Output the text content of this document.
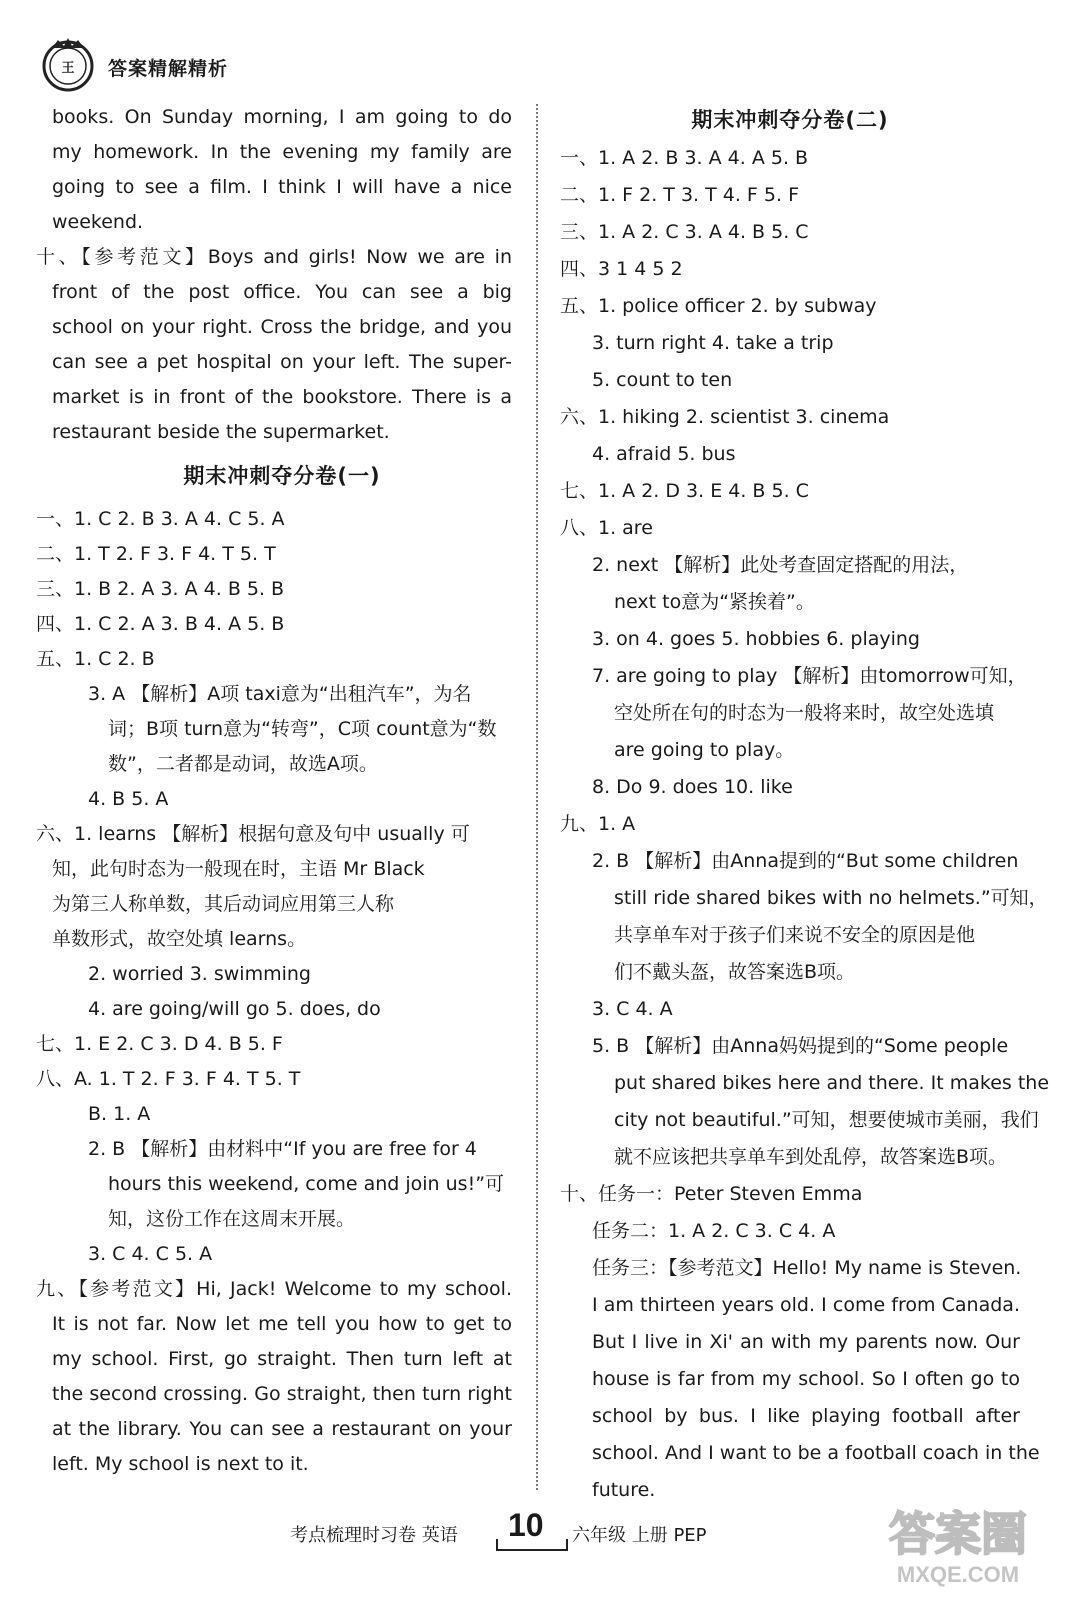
王 答案精解精析
books. On Sunday morning, I am going to do
my homework. In the evening my family are
going to see a film. I think I will have a nice
weekend.
十、【参考范文】Boys and girls! Now we are in
front of the post office. You can see a big
school on your right. Cross the bridge, and you
can see a pet hospital on your left. The super-
market is in front of the bookstore. There is a
restaurant beside the supermarket.
期末冲刺夺分卷(一)
一、1. C 2. B 3. A 4. C 5. A
二、1. T 2. F 3. F 4. T 5. T
三、1. B 2. A 3. A 4. B 5. B
四、1. C 2. A 3. B 4. A 5. B
五、1. C 2. B
3. A 【解析】A项 taxi意为“出租汽车”，为名
词；B项 turn意为“转弯”，C项 count意为“数
数”，二者都是动词，故选A项。
4. B 5. A
六、1. learns 【解析】根据句意及句中 usually 可
知，此句时态为一般现在时，主语 Mr Black
为第三人称单数，其后动词应用第三人称
单数形式，故空处填 learns。
2. worried 3. swimming
4. are going/will go 5. does, do
七、1. E 2. C 3. D 4. B 5. F
八、A. 1. T 2. F 3. F 4. T 5. T
B. 1. A
2. B 【解析】由材料中“If you are free for 4
hours this weekend, come and join us!”可
知，这份工作在这周末开展。
3. C 4. C 5. A
九、【参考范文】Hi, Jack! Welcome to my school.
It is not far. Now let me tell you how to get to
my school. First, go straight. Then turn left at
the second crossing. Go straight, then turn right
at the library. You can see a restaurant on your
left. My school is next to it.
期末冲刺夺分卷(二)
一、1. A 2. B 3. A 4. A 5. B
二、1. F 2. T 3. T 4. F 5. F
三、1. A 2. C 3. A 4. B 5. C
四、3 1 4 5 2
五、1. police officer 2. by subway
3. turn right 4. take a trip
5. count to ten
六、1. hiking 2. scientist 3. cinema
4. afraid 5. bus
七、1. A 2. D 3. E 4. B 5. C
八、1. are
2. next 【解析】此处考查固定搭配的用法，
next to意为“紧挨着”。
3. on 4. goes 5. hobbies 6. playing
7. are going to play 【解析】由tomorrow可知，
空处所在句的时态为一般将来时，故空处选填
are going to play。
8. Do 9. does 10. like
九、1. A
2. B 【解析】由Anna提到的“But some children
still ride shared bikes with no helmets.”可知，
共享单车对于孩子们来说不安全的原因是他
们不戴头盔，故答案选B项。
3. C 4. A
5. B 【解析】由Anna妈妈提到的“Some people
put shared bikes here and there. It makes the
city not beautiful.”可知，想要使城市美丽，我们
就不应该把共享单车到处乱停，故答案选B项。
十、任务一：Peter Steven Emma
任务二：1. A 2. C 3. C 4. A
任务三：【参考范文】Hello! My name is Steven.
I am thirteen years old. I come from Canada.
But I live in Xi' an with my parents now. Our
house is far from my school. So I often go to
school by bus. I like playing football after
school. And I want to be a football coach in the
future.
考点梳理时习卷 英语 10 六年级 上册 PEP	答案圈
MXQE.COM
